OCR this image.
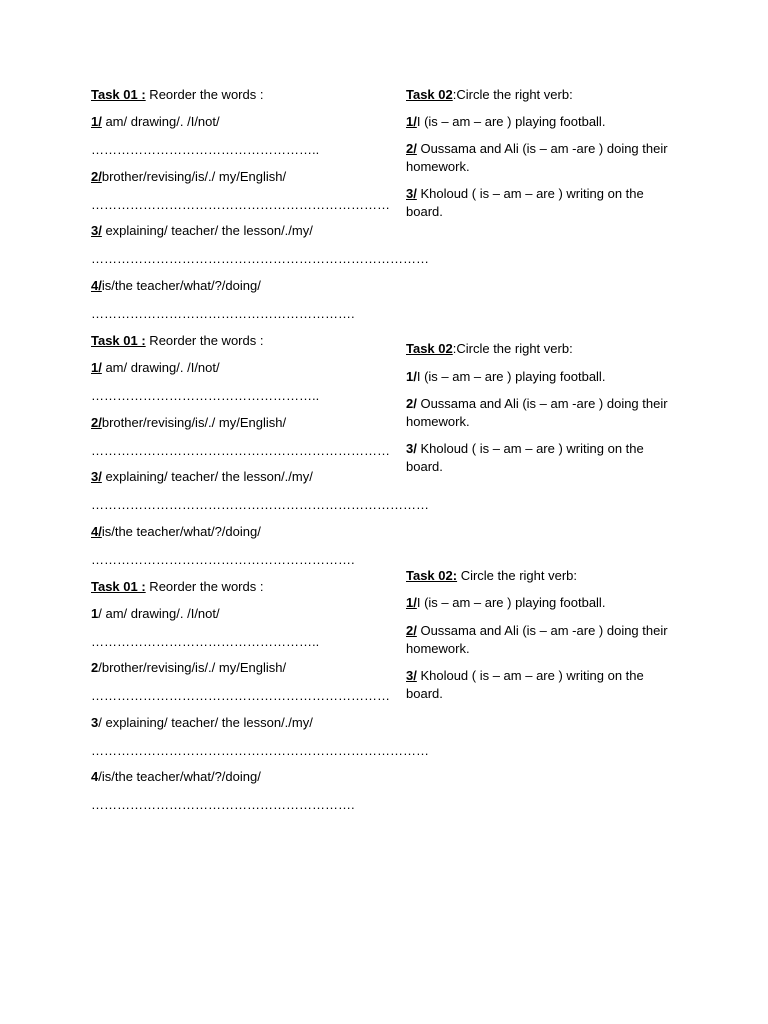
Task 01 : Reorder the words :
1/ am/ drawing/. /I/not/
……………………………………………..
2/brother/revising/is/./ my/English/
……………………………………………………………
3/ explaining/ teacher/ the lesson/./my/
……………………………………………………………………
4/is/the teacher/what/?/doing/
…………………………………………………….
Task 01 : Reorder the words :
1/ am/ drawing/. /I/not/
……………………………………………..
2/brother/revising/is/./ my/English/
……………………………………………………………
3/ explaining/ teacher/ the lesson/./my/
……………………………………………………………………
4/is/the teacher/what/?/doing/
…………………………………………………….
Task 01 : Reorder the words :
1/ am/ drawing/. /I/not/
……………………………………………..
2/brother/revising/is/./ my/English/
……………………………………………………………
3/ explaining/ teacher/ the lesson/./my/
……………………………………………………………………
4/is/the teacher/what/?/doing/
…………………………………………………….
Task 02:Circle the right verb:
1/I (is – am – are ) playing football.
2/ Oussama and Ali (is – am -are ) doing their homework.
3/ Kholoud ( is – am – are ) writing on the board.
Task 02:Circle the right verb:
1/I (is – am – are ) playing football.
2/ Oussama and Ali (is – am -are ) doing their homework.
3/ Kholoud ( is – am – are ) writing on the board.
Task 02: Circle the right verb:
1/I (is – am – are ) playing football.
2/ Oussama and Ali (is – am -are ) doing their homework.
3/ Kholoud ( is – am – are ) writing on the board.
